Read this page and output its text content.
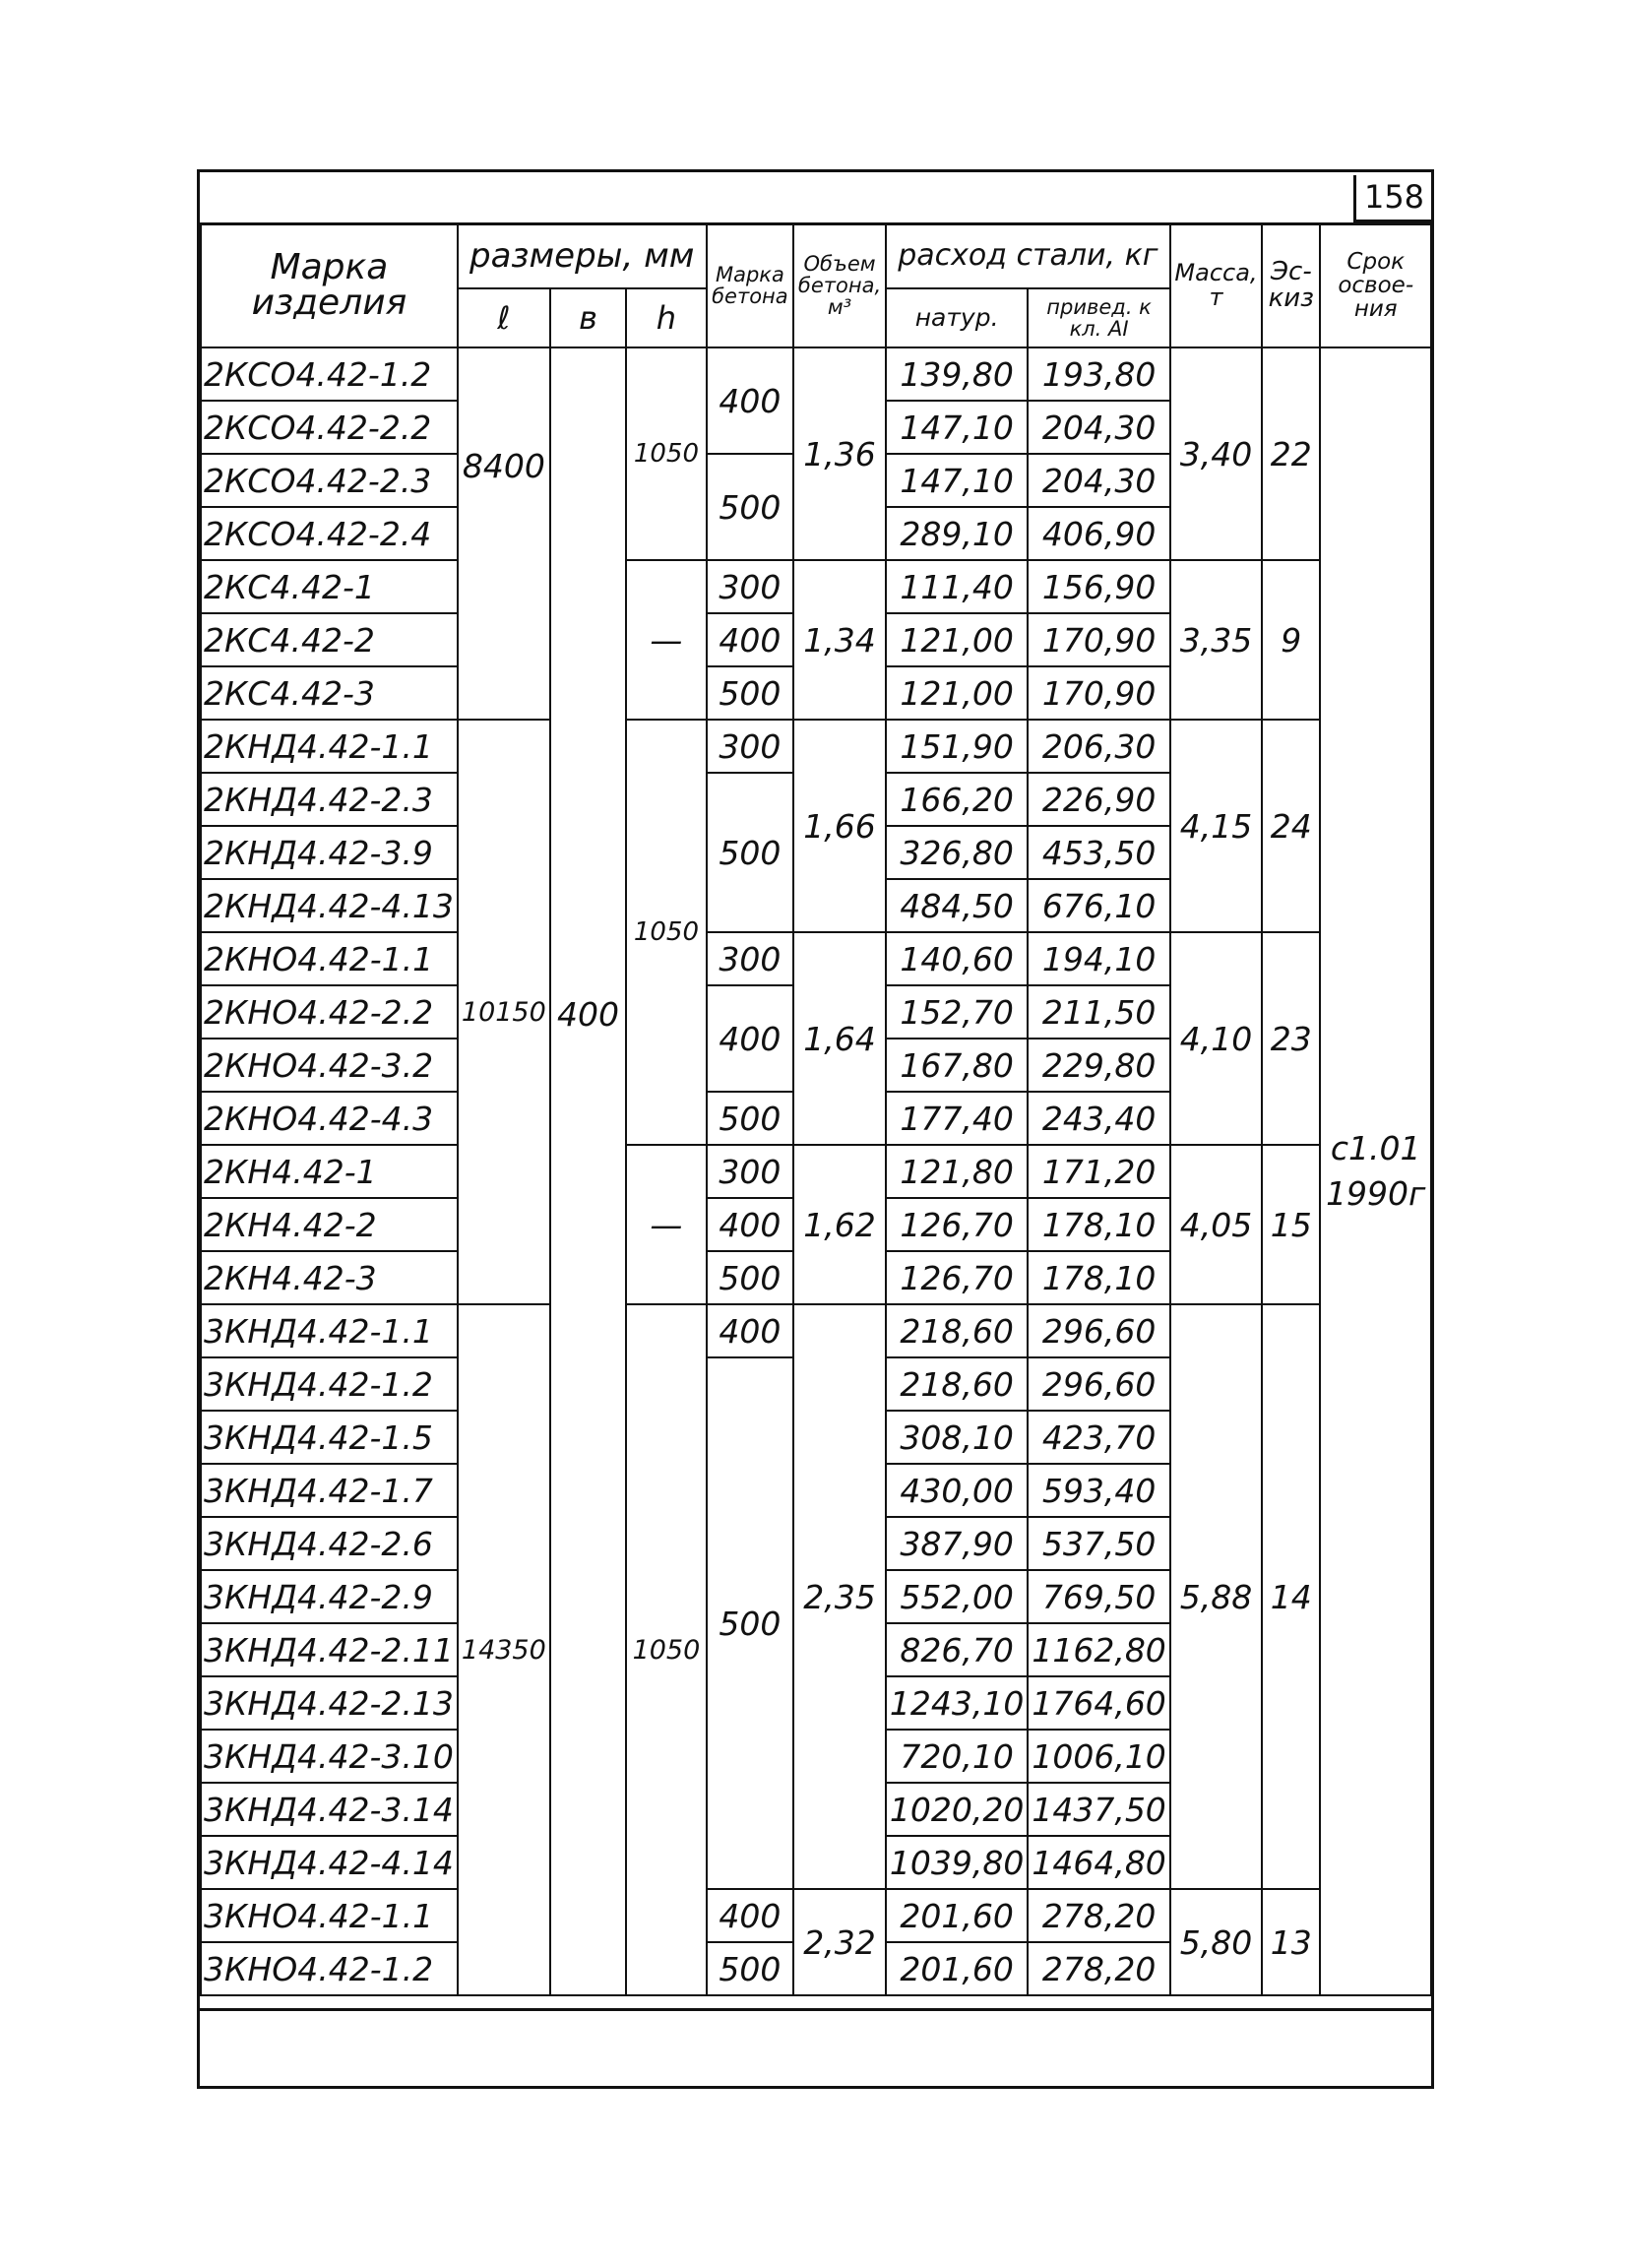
158
Марка изделия	размеры, мм			Марка бетона	Объем бетона, м³	расход стали, кг		Масса, т	Эс-киз	Срок освое-ния
	ℓ	в	h			натур.	привед. к кл. АI			
2КСО4.42-1.2	8400	400	1050	400	1,36	139,80	193,80	3,40	22	с1.01
1990г
2КСО4.42-2.2						147,10	204,30			
2КСО4.42-2.3				500		147,10	204,30			
2КСО4.42-2.4						289,10	406,90			
2КС4.42-1			—	300	1,34	111,40	156,90	3,35	9	
2КС4.42-2				400		121,00	170,90			
2КС4.42-3				500		121,00	170,90			
2КНД4.42-1.1	10150		1050	300	1,66	151,90	206,30	4,15	24	
2КНД4.42-2.3				500		166,20	226,90			
2КНД4.42-3.9						326,80	453,50			
2КНД4.42-4.13						484,50	676,10			
2КНО4.42-1.1				300	1,64	140,60	194,10	4,10	23	
2КНО4.42-2.2				400		152,70	211,50			
2КНО4.42-3.2						167,80	229,80			
2КНО4.42-4.3				500		177,40	243,40			
2КН4.42-1			—	300	1,62	121,80	171,20	4,05	15	
2КН4.42-2				400		126,70	178,10			
2КН4.42-3				500		126,70	178,10			
3КНД4.42-1.1	14350		1050	400	2,35	218,60	296,60	5,88	14	
3КНД4.42-1.2				500		218,60	296,60			
3КНД4.42-1.5						308,10	423,70			
3КНД4.42-1.7						430,00	593,40			
3КНД4.42-2.6						387,90	537,50			
3КНД4.42-2.9						552,00	769,50			
3КНД4.42-2.11						826,70	1162,80			
3КНД4.42-2.13						1243,10	1764,60			
3КНД4.42-3.10						720,10	1006,10			
3КНД4.42-3.14						1020,20	1437,50			
3КНД4.42-4.14						1039,80	1464,80			
3КНО4.42-1.1				400	2,32	201,60	278,20	5,80	13	
3КНО4.42-1.2				500		201,60	278,20			
